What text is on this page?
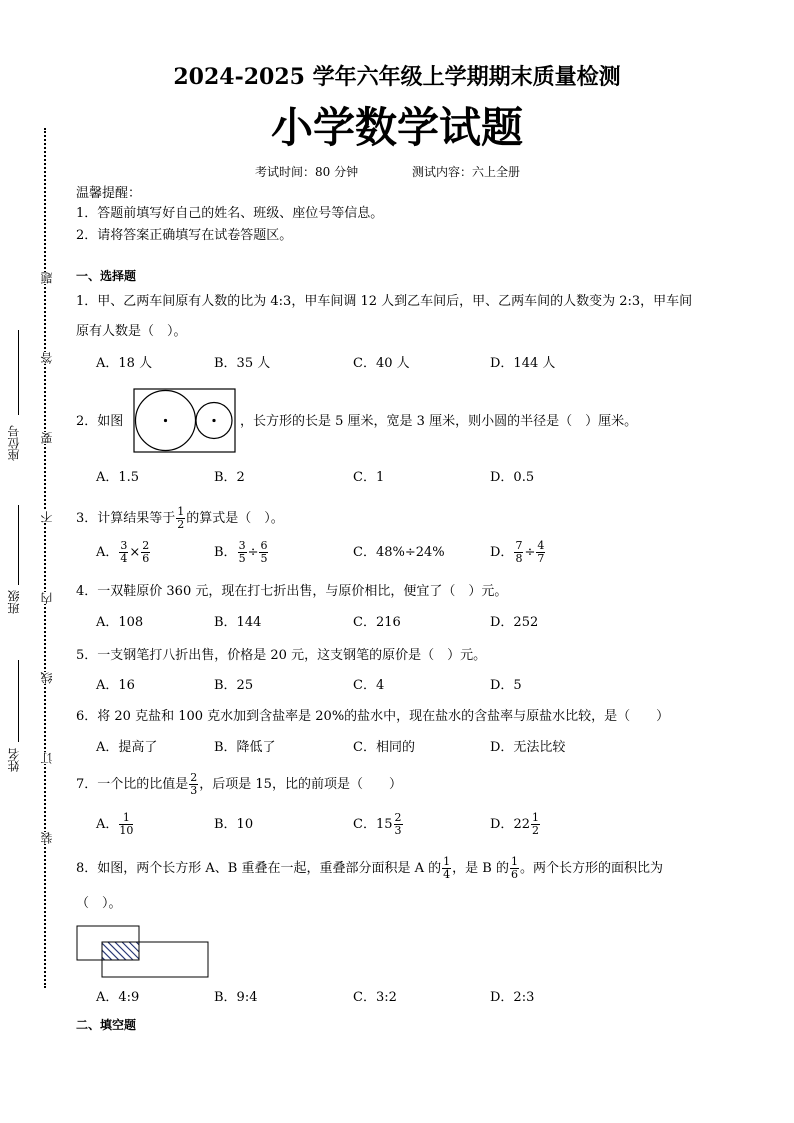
座位号
班级
姓名
题
答
要
不
内
线
订
装
2024-2025 学年六年级上学期期末质量检测
小学数学试题
考试时间：80 分钟	测试内容：六上全册
温馨提醒：
1．答题前填写好自己的姓名、班级、座位号等信息。
2．请将答案正确填写在试卷答题区。
一、选择题
1．甲、乙两车间原有人数的比为 4:3，甲车间调 12 人到乙车间后，甲、乙两车间的人数变为 2:3，甲车间
原有人数是（　）。
A．18 人	B．35 人	C．40 人	D．144 人
2．如图	，长方形的长是 5 厘米，宽是 3 厘米，则小圆的半径是（　）厘米。
A．1.5	B．2	C．1	D．0.5
3．计算结果等于 $\frac{1}{2}$ 的算式是（　）。
A． $\frac{3}{4} \times \frac{2}{6}$	B． $\frac{3}{5} \div \frac{6}{5}$	C．48%÷24%	D． $\frac{7}{8} \div \frac{4}{7}$
4．一双鞋原价 360 元，现在打七折出售，与原价相比，便宜了（　）元。
A．108	B．144	C．216	D．252
5．一支钢笔打八折出售，价格是 20 元，这支钢笔的原价是（　）元。
A．16	B．25	C．4	D．5
6．将 20 克盐和 100 克水加到含盐率是 20%的盐水中，现在盐水的含盐率与原盐水比较，是（　　）
A．提高了	B．降低了	C．相同的	D．无法比较
7．一个比的比值是 $\frac{2}{3}$ ，后项是 15，比的前项是（　　）
A． $\frac{1}{10}$	B．10	C．$15 \frac{2}{3}$	D．$22 \frac{1}{2}$
8．如图，两个长方形 A、B 重叠在一起，重叠部分面积是 A 的 $\frac{1}{4}$ ，是 B 的 $\frac{1}{6}$ 。两个长方形的面积比为
（　）。
A．4:9	B．9:4	C．3:2	D．2:3
二、填空题
